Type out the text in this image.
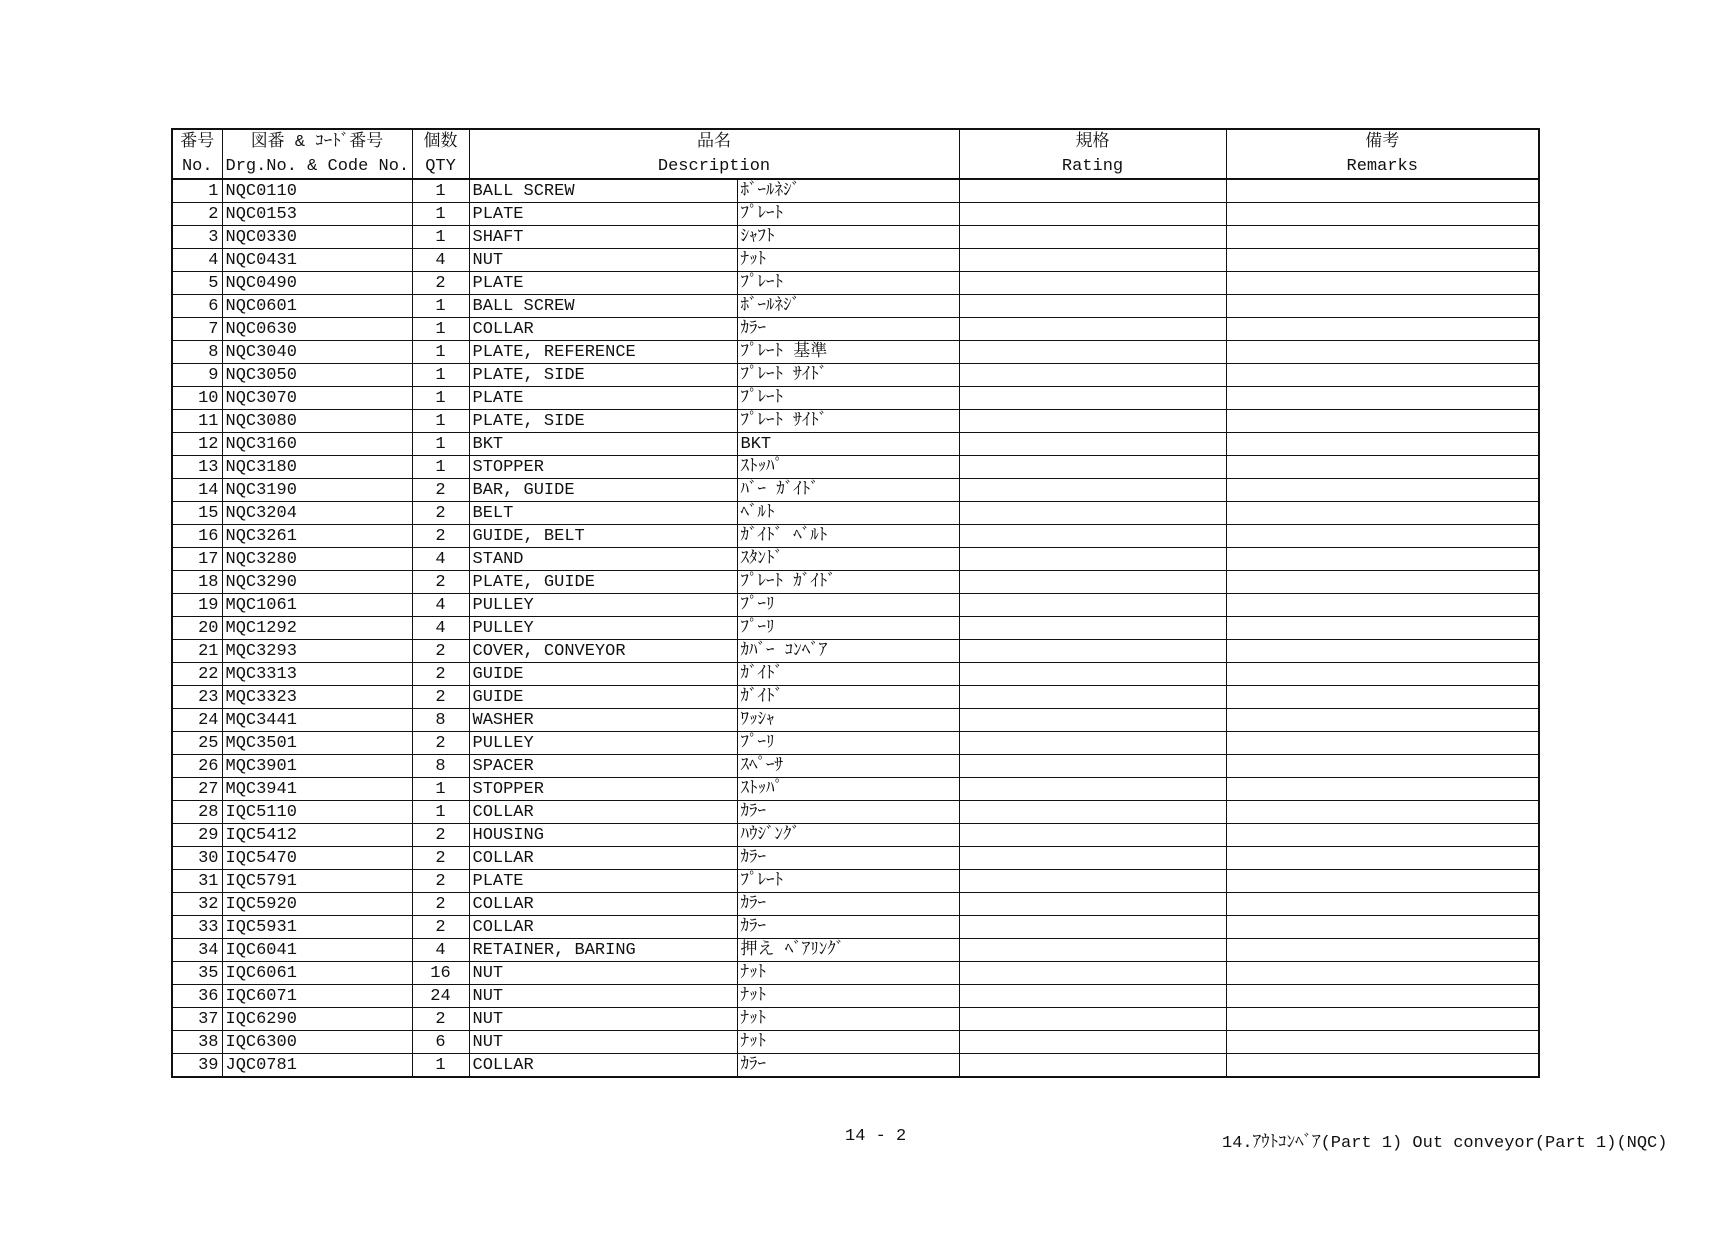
番号	図番 & ｺｰﾄﾞ番号	個数	品名		規格	備考
No.	Drg.No. & Code No.	QTY	Description		Rating	Remarks
1	NQC0110	1	BALL SCREW	ﾎﾞｰﾙﾈｼﾞ		
2	NQC0153	1	PLATE	ﾌﾟﾚｰﾄ		
3	NQC0330	1	SHAFT	ｼｬﾌﾄ		
4	NQC0431	4	NUT	ﾅｯﾄ		
5	NQC0490	2	PLATE	ﾌﾟﾚｰﾄ		
6	NQC0601	1	BALL SCREW	ﾎﾞｰﾙﾈｼﾞ		
7	NQC0630	1	COLLAR	ｶﾗｰ		
8	NQC3040	1	PLATE, REFERENCE	ﾌﾟﾚｰﾄ 基準		
9	NQC3050	1	PLATE, SIDE	ﾌﾟﾚｰﾄ ｻｲﾄﾞ		
10	NQC3070	1	PLATE	ﾌﾟﾚｰﾄ		
11	NQC3080	1	PLATE, SIDE	ﾌﾟﾚｰﾄ ｻｲﾄﾞ		
12	NQC3160	1	BKT	BKT		
13	NQC3180	1	STOPPER	ｽﾄｯﾊﾟ		
14	NQC3190	2	BAR, GUIDE	ﾊﾞｰ ｶﾞｲﾄﾞ		
15	NQC3204	2	BELT	ﾍﾞﾙﾄ		
16	NQC3261	2	GUIDE, BELT	ｶﾞｲﾄﾞ ﾍﾞﾙﾄ		
17	NQC3280	4	STAND	ｽﾀﾝﾄﾞ		
18	NQC3290	2	PLATE, GUIDE	ﾌﾟﾚｰﾄ ｶﾞｲﾄﾞ		
19	MQC1061	4	PULLEY	ﾌﾟｰﾘ		
20	MQC1292	4	PULLEY	ﾌﾟｰﾘ		
21	MQC3293	2	COVER, CONVEYOR	ｶﾊﾞｰ ｺﾝﾍﾞｱ		
22	MQC3313	2	GUIDE	ｶﾞｲﾄﾞ		
23	MQC3323	2	GUIDE	ｶﾞｲﾄﾞ		
24	MQC3441	8	WASHER	ﾜｯｼｬ		
25	MQC3501	2	PULLEY	ﾌﾟｰﾘ		
26	MQC3901	8	SPACER	ｽﾍﾟｰｻ		
27	MQC3941	1	STOPPER	ｽﾄｯﾊﾟ		
28	IQC5110	1	COLLAR	ｶﾗｰ		
29	IQC5412	2	HOUSING	ﾊｳｼﾞﾝｸﾞ		
30	IQC5470	2	COLLAR	ｶﾗｰ		
31	IQC5791	2	PLATE	ﾌﾟﾚｰﾄ		
32	IQC5920	2	COLLAR	ｶﾗｰ		
33	IQC5931	2	COLLAR	ｶﾗｰ		
34	IQC6041	4	RETAINER, BARING	押え ﾍﾞｱﾘﾝｸﾞ		
35	IQC6061	16	NUT	ﾅｯﾄ		
36	IQC6071	24	NUT	ﾅｯﾄ		
37	IQC6290	2	NUT	ﾅｯﾄ		
38	IQC6300	6	NUT	ﾅｯﾄ		
39	JQC0781	1	COLLAR	ｶﾗｰ		
14 - 2	14.ｱｳﾄｺﾝﾍﾞｱ(Part 1) Out conveyor(Part 1)(NQC)
